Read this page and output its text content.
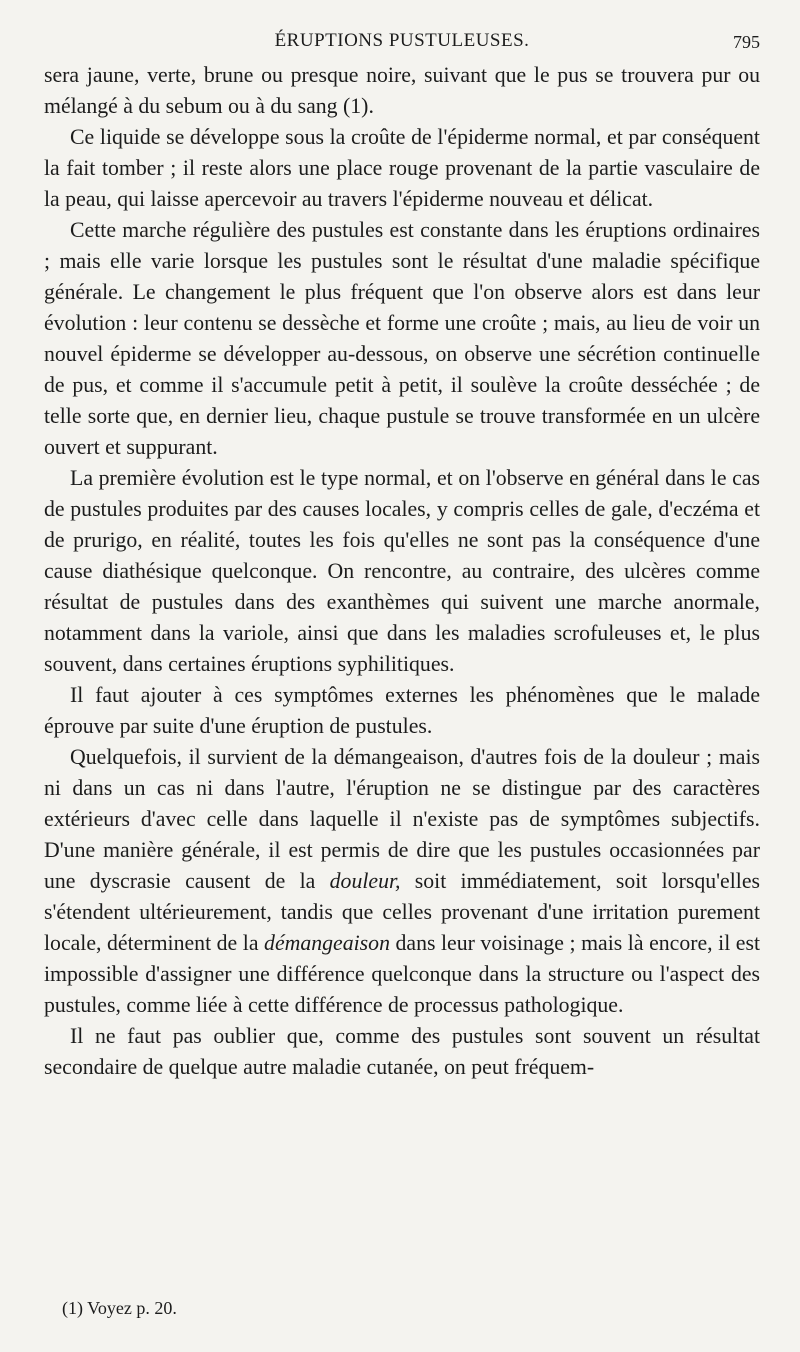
ÉRUPTIONS PUSTULEUSES.	795

sera jaune, verte, brune ou presque noire, suivant que le pus se trouvera pur ou mélangé à du sebum ou à du sang (1).

Ce liquide se développe sous la croûte de l'épiderme normal, et par conséquent la fait tomber ; il reste alors une place rouge provenant de la partie vasculaire de la peau, qui laisse apercevoir au travers l'épiderme nouveau et délicat.

Cette marche régulière des pustules est constante dans les éruptions ordinaires ; mais elle varie lorsque les pustules sont le résultat d'une maladie spécifique générale. Le changement le plus fréquent que l'on observe alors est dans leur évolution : leur contenu se dessèche et forme une croûte ; mais, au lieu de voir un nouvel épiderme se développer au-dessous, on observe une sécrétion continuelle de pus, et comme il s'accumule petit à petit, il soulève la croûte desséchée ; de telle sorte que, en dernier lieu, chaque pustule se trouve transformée en un ulcère ouvert et suppurant.

La première évolution est le type normal, et on l'observe en général dans le cas de pustules produites par des causes locales, y compris celles de gale, d'eczéma et de prurigo, en réalité, toutes les fois qu'elles ne sont pas la conséquence d'une cause diathésique quelconque. On rencontre, au contraire, des ulcères comme résultat de pustules dans des exanthèmes qui suivent une marche anormale, notamment dans la variole, ainsi que dans les maladies scrofuleuses et, le plus souvent, dans certaines éruptions syphilitiques.

Il faut ajouter à ces symptômes externes les phénomènes que le malade éprouve par suite d'une éruption de pustules.

Quelquefois, il survient de la démangeaison, d'autres fois de la douleur ; mais ni dans un cas ni dans l'autre, l'éruption ne se distingue par des caractères extérieurs d'avec celle dans laquelle il n'existe pas de symptômes subjectifs. D'une manière générale, il est permis de dire que les pustules occasionnées par une dyscrasie causent de la douleur, soit immédiatement, soit lorsqu'elles s'étendent ultérieurement, tandis que celles provenant d'une irritation purement locale, déterminent de la démangeaison dans leur voisinage ; mais là encore, il est impossible d'assigner une différence quelconque dans la structure ou l'aspect des pustules, comme liée à cette différence de processus pathologique.

Il ne faut pas oublier que, comme des pustules sont souvent un résultat secondaire de quelque autre maladie cutanée, on peut fréquem-

(1) Voyez p. 20.
